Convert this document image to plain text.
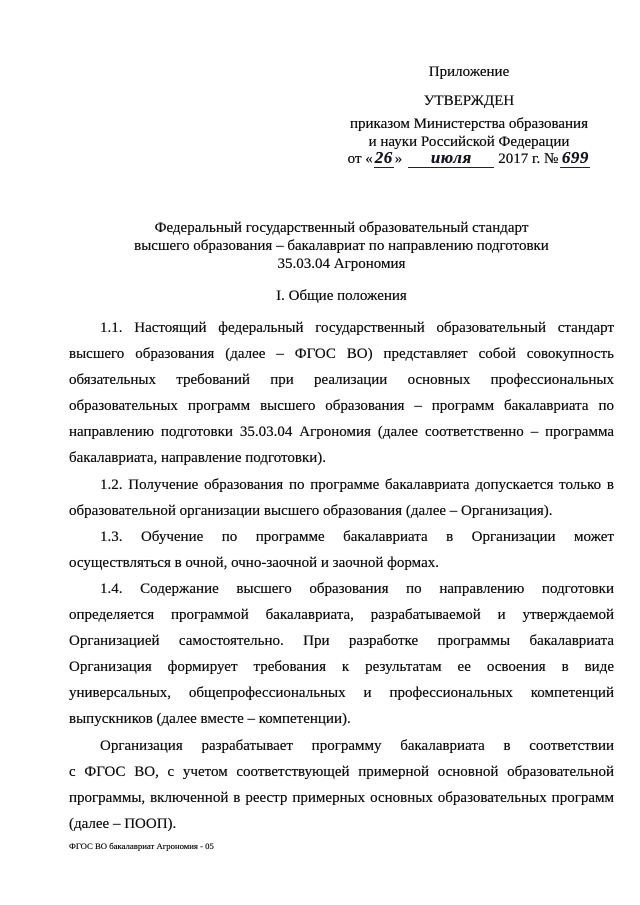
Приложение
УТВЕРЖДЕН
приказом Министерства образования
и науки Российской Федерации
от « 26 »	июля	2017 г. № 699
Федеральный государственный образовательный стандарт
высшего образования – бакалавриат по направлению подготовки
35.03.04 Агрономия
I. Общие положения
1.1. Настоящий федеральный государственный образовательный стандарт
высшего образования (далее – ФГОС ВО) представляет собой совокупность
обязательных требований при реализации основных профессиональных
образовательных программ высшего образования – программ бакалавриата по
направлению подготовки 35.03.04 Агрономия (далее соответственно – программа
бакалавриата, направление подготовки).
1.2. Получение образования по программе бакалавриата допускается только в
образовательной организации высшего образования (далее – Организация).
1.3. Обучение по программе бакалавриата в Организации может
осуществляться в очной, очно-заочной и заочной формах.
1.4. Содержание высшего образования по направлению подготовки
определяется программой бакалавриата, разрабатываемой и утверждаемой
Организацией самостоятельно. При разработке программы бакалавриата
Организация формирует требования к результатам ее освоения в виде
универсальных, общепрофессиональных и профессиональных компетенций
выпускников (далее вместе – компетенции).
Организация разрабатывает программу бакалавриата в соответствии
с ФГОС ВО, с учетом соответствующей примерной основной образовательной
программы, включенной в реестр примерных основных образовательных программ
(далее – ПООП).
ФГОС ВО бакалавриат Агрономия - 05
